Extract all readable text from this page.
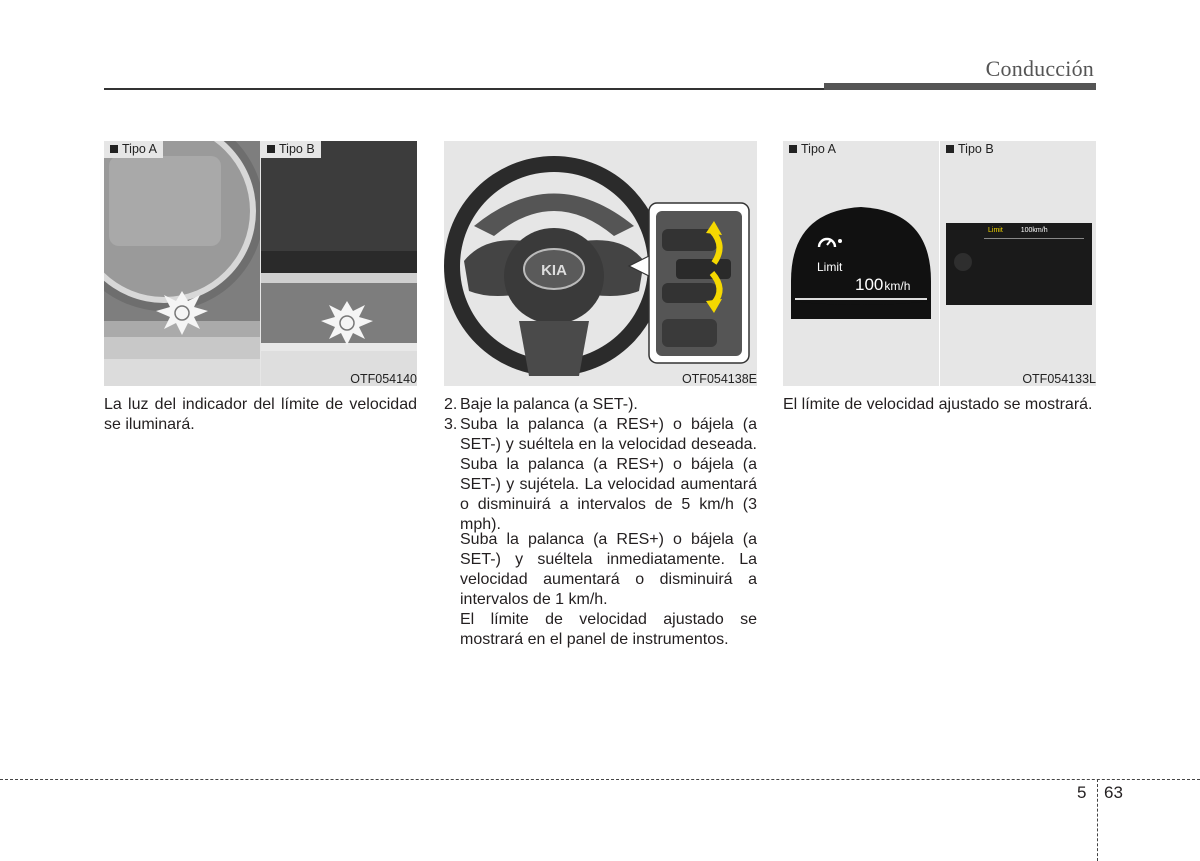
Conducción
Tipo A	Tipo B
OTF054140
KIA
OTF054138E
Tipo A
Limit
100km/h
Tipo B
Limit	100km/h
OTF054133L
La luz del indicador del límite de velocidad se iluminará.
2. Baje la palanca (a SET-).
3. Suba la palanca (a RES+) o bájela (a SET-) y suéltela en la velocidad deseada. Suba la palanca (a RES+) o bájela (a SET-) y sujétela. La velocidad aumentará o disminuirá a intervalos de 5 km/h (3 mph).
Suba la palanca (a RES+) o bájela (a SET-) y suéltela inmediatamente. La velocidad aumentará o disminuirá a intervalos de 1 km/h.
El límite de velocidad ajustado se mostrará en el panel de instrumentos.
El límite de velocidad ajustado se mostrará.
5 63
